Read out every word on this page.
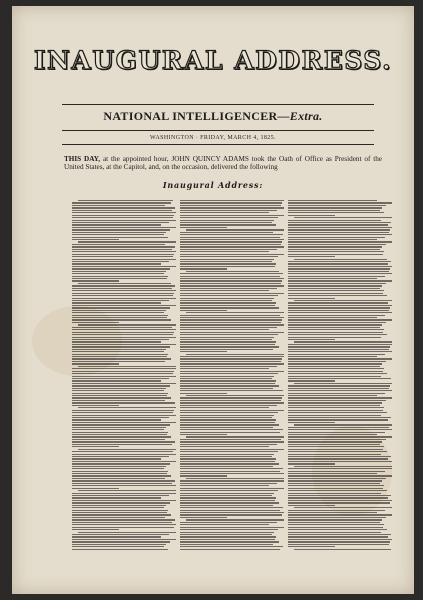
INAUGURAL ADDRESS.
NATIONAL INTELLIGENCER—Extra.
WASHINGTON · FRIDAY, MARCH 4, 1825.
THIS DAY, at the appointed hour, JOHN QUINCY ADAMS took the Oath of Office as President of the United States, at the Capitol, and, on the occasion, delivered the following
Inaugural Address:
